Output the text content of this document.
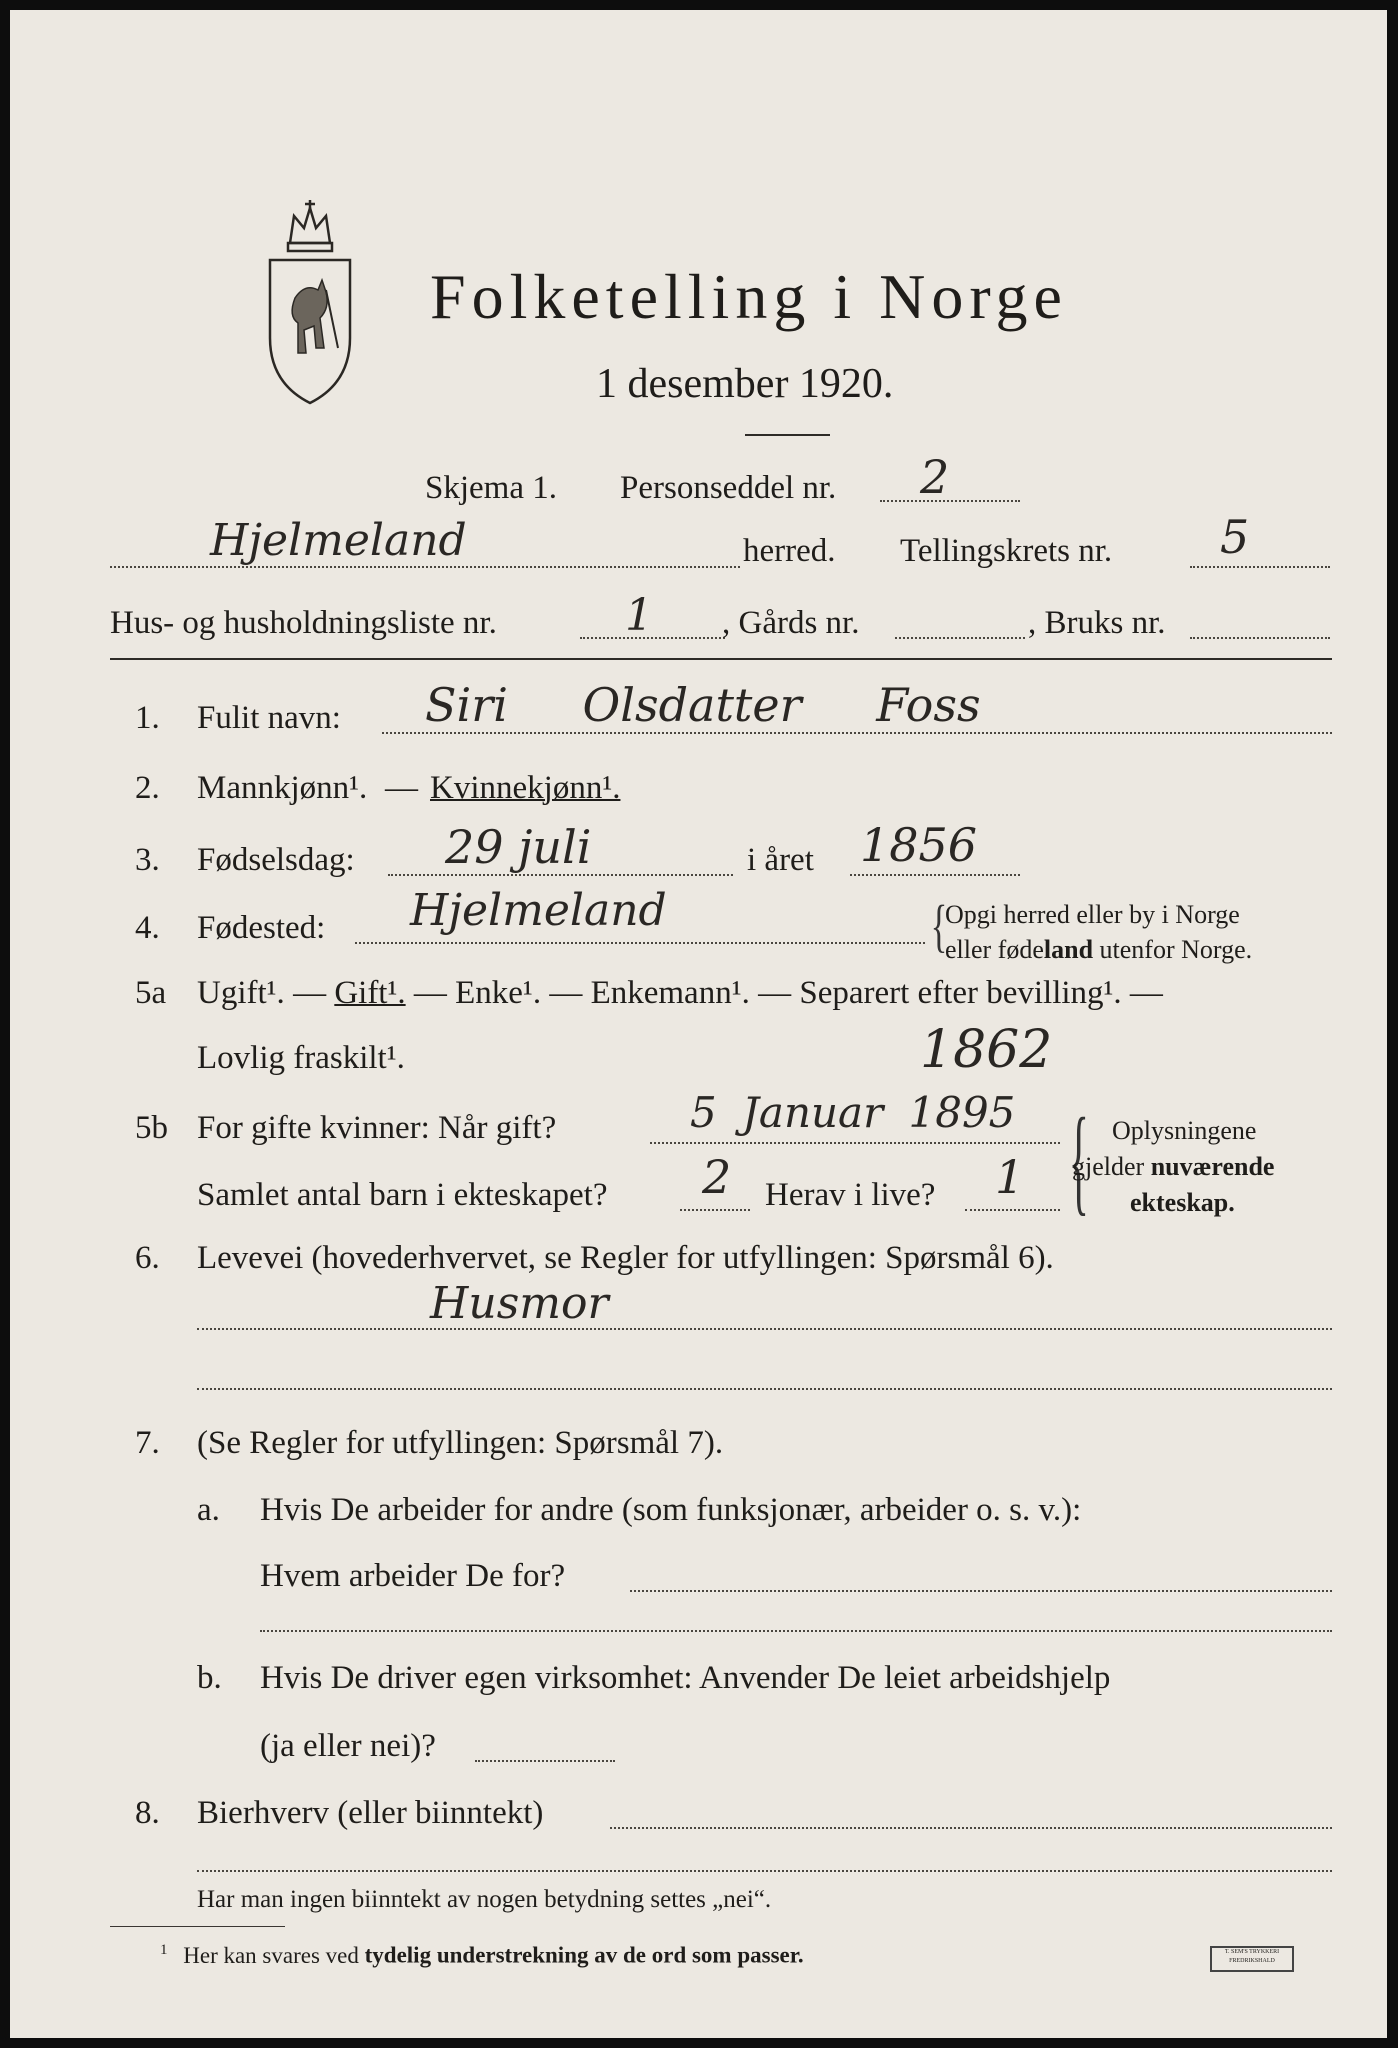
Folketelling i Norge
1 desember 1920.
Skjema 1. Personseddel nr. 2
Hjelmeland	herred. Tellingskrets nr. 5
Hus- og husholdningsliste nr.	1 , Gårds nr.	, Bruks nr.
1.	Fulit navn: Siri Olsdatter Foss
2.	Mannkjønn¹. — Kvinnekjønn¹.
3.	Fødselsdag: 29 juli	i året 1856
4.	Fødested: Hjelmeland	{
Opgi herred eller by i Norge
eller fødeland utenfor Norge.
5a Ugift¹. — Gift¹. — Enke¹. — Enkemann¹. — Separert efter bevilling¹. —
Lovlig fraskilt¹.	1862
5b For gifte kvinner: Når gift?	5 Januar 1895
Samlet antal barn i ekteskapet? 2 Herav i live? 1 { Oplysningene
gjelder nuværende
ekteskap.
6.	Levevei (hovederhvervet, se Regler for utfyllingen: Spørsmål 6).
Husmor
7.	(Se Regler for utfyllingen: Spørsmål 7).
a. Hvis De arbeider for andre (som funksjonær, arbeider o. s. v.):
Hvem arbeider De for?
b. Hvis De driver egen virksomhet: Anvender De leiet arbeidshjelp
(ja eller nei)?
8.	Bierhverv (eller biinntekt)
Har man ingen biinntekt av nogen betydning settes „nei“.
$^1$ Her kan svares ved tydelig understrekning av de ord som passer.	T. SEM'S TRYKKERI
FREDRIKSHALD
